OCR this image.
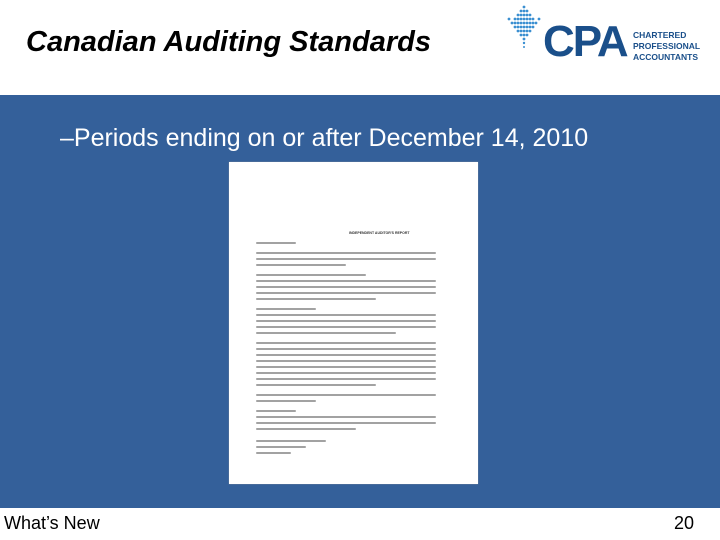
Canadian Auditing Standards	CPA CHARTERED
PROFESSIONAL
ACCOUNTANTS
–Periods ending on or after December 14, 2010
INDEPENDENT AUDITOR'S REPORT
What’s New	20
